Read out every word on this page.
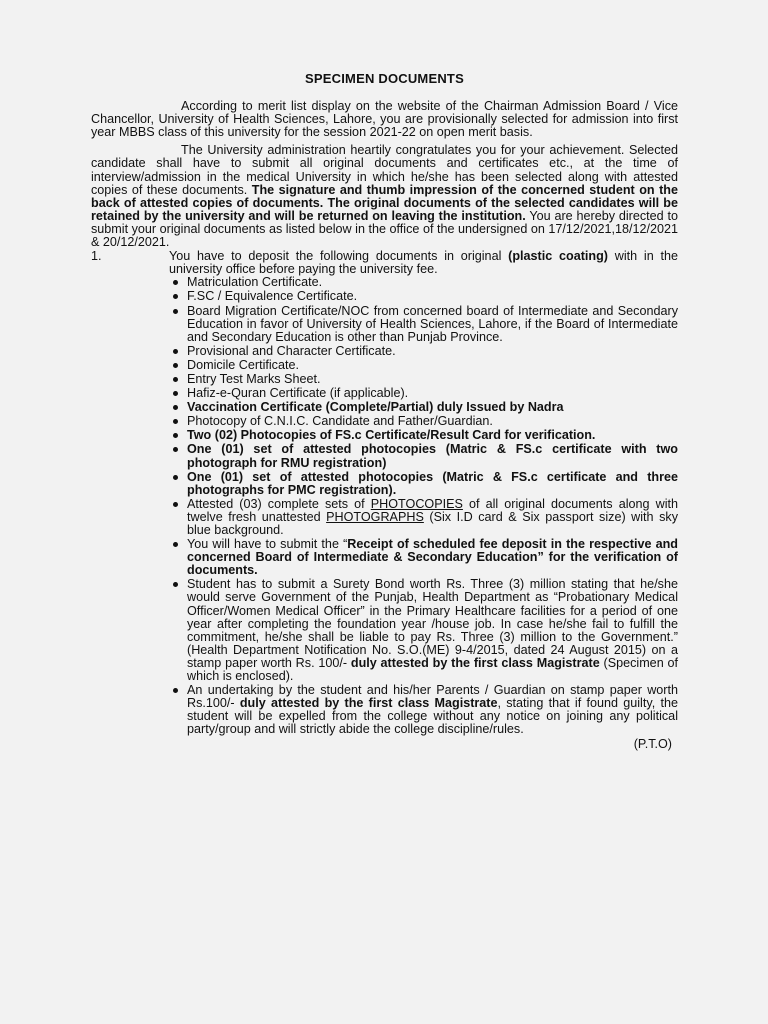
SPECIMEN DOCUMENTS

According to merit list display on the website of the Chairman Admission Board / Vice Chancellor, University of Health Sciences, Lahore, you are provisionally selected for admission into first year MBBS class of this university for the session 2021-22 on open merit basis.

The University administration heartily congratulates you for your achievement. Selected candidate shall have to submit all original documents and certificates etc., at the time of interview/admission in the medical University in which he/she has been selected along with attested copies of these documents. The signature and thumb impression of the concerned student on the back of attested copies of documents. The original documents of the selected candidates will be retained by the university and will be returned on leaving the institution. You are hereby directed to submit your original documents as listed below in the office of the undersigned on 17/12/2021,18/12/2021 & 20/12/2021.

1.	You have to deposit the following documents in original (plastic coating) with in the university office before paying the university fee.
Matriculation Certificate.
F.SC / Equivalence Certificate.
Board Migration Certificate/NOC from concerned board of Intermediate and Secondary Education in favor of University of Health Sciences, Lahore, if the Board of Intermediate and Secondary Education is other than Punjab Province.
Provisional and Character Certificate.
Domicile Certificate.
Entry Test Marks Sheet.
Hafiz-e-Quran Certificate (if applicable).
Vaccination Certificate (Complete/Partial) duly Issued by Nadra
Photocopy of C.N.I.C. Candidate and Father/Guardian.
Two (02) Photocopies of FS.c Certificate/Result Card for verification.
One (01) set of attested photocopies (Matric & FS.c certificate with two photograph for RMU registration)
One (01) set of attested photocopies (Matric & FS.c certificate and three photographs for PMC registration).
Attested (03) complete sets of PHOTOCOPIES of all original documents along with twelve fresh unattested PHOTOGRAPHS (Six I.D card & Six passport size) with sky blue background.
You will have to submit the “Receipt of scheduled fee deposit in the respective and concerned Board of Intermediate & Secondary Education” for the verification of documents.
Student has to submit a Surety Bond worth Rs. Three (3) million stating that he/she would serve Government of the Punjab, Health Department as “Probationary Medical Officer/Women Medical Officer” in the Primary Healthcare facilities for a period of one year after completing the foundation year /house job. In case he/she fail to fulfill the commitment, he/she shall be liable to pay Rs. Three (3) million to the Government.” (Health Department Notification No. S.O.(ME) 9-4/2015, dated 24 August 2015) on a stamp paper worth Rs. 100/- duly attested by the first class Magistrate (Specimen of which is enclosed).
An undertaking by the student and his/her Parents / Guardian on stamp paper worth Rs.100/- duly attested by the first class Magistrate, stating that if found guilty, the student will be expelled from the college without any notice on joining any political party/group and will strictly abide the college discipline/rules.
(P.T.O)
